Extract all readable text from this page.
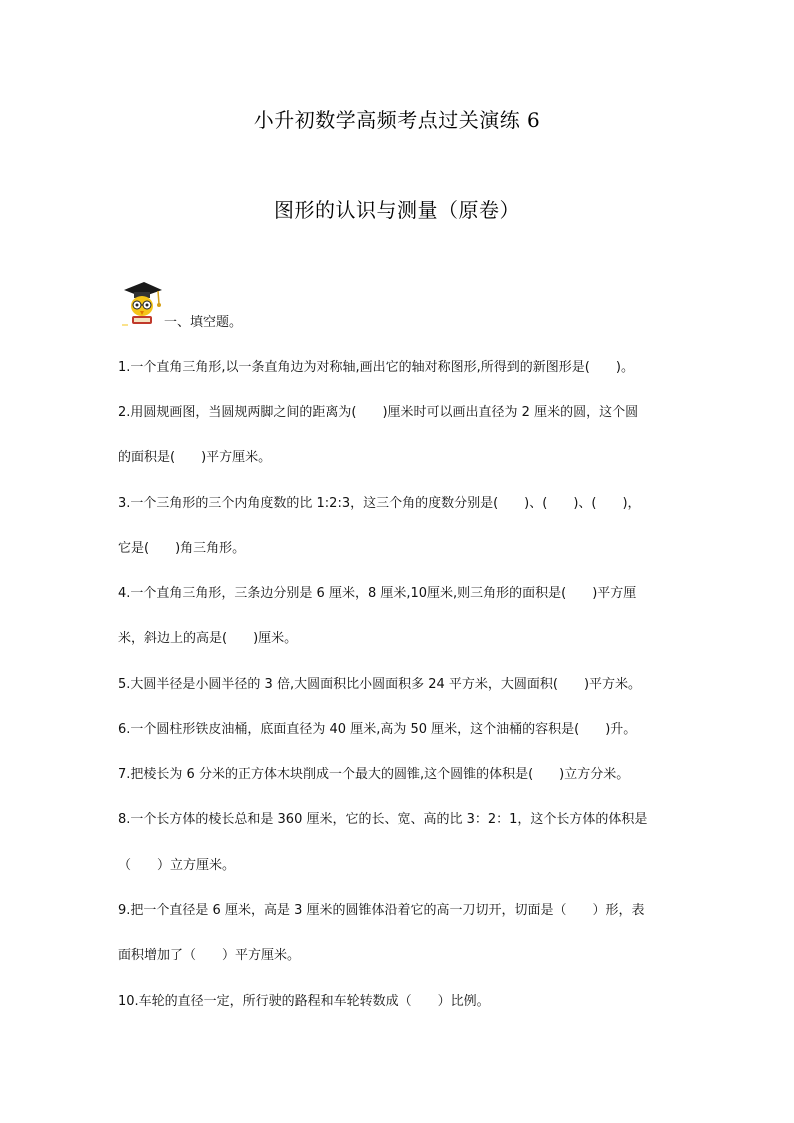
小升初数学高频考点过关演练 6
图形的认识与测量（原卷）
一、填空题。
1.一个直角三角形,以一条直角边为对称轴,画出它的轴对称图形,所得到的新图形是(　　)。
2.用圆规画图，当圆规两脚之间的距离为(　　)厘米时可以画出直径为 2 厘米的圆，这个圆
的面积是(　　)平方厘米。
3.一个三角形的三个内角度数的比 1:2:3，这三个角的度数分别是(　　)、(　　)、(　　)，
它是(　　)角三角形。
4.一个直角三角形，三条边分别是 6 厘米，8 厘米,10厘米,则三角形的面积是(　　)平方厘
米，斜边上的高是(　　)厘米。
5.大圆半径是小圆半径的 3 倍,大圆面积比小圆面积多 24 平方米，大圆面积(　　)平方米。
6.一个圆柱形铁皮油桶，底面直径为 40 厘米,高为 50 厘米，这个油桶的容积是(　　)升。
7.把棱长为 6 分米的正方体木块削成一个最大的圆锥,这个圆锥的体积是(　　)立方分米。
8.一个长方体的棱长总和是 360 厘米，它的长、宽、高的比 3：2：1，这个长方体的体积是
（　　）立方厘米。
9.把一个直径是 6 厘米，高是 3 厘米的圆锥体沿着它的高一刀切开，切面是（　　）形，表
面积增加了（　　）平方厘米。
10.车轮的直径一定，所行驶的路程和车轮转数成（　　）比例。
